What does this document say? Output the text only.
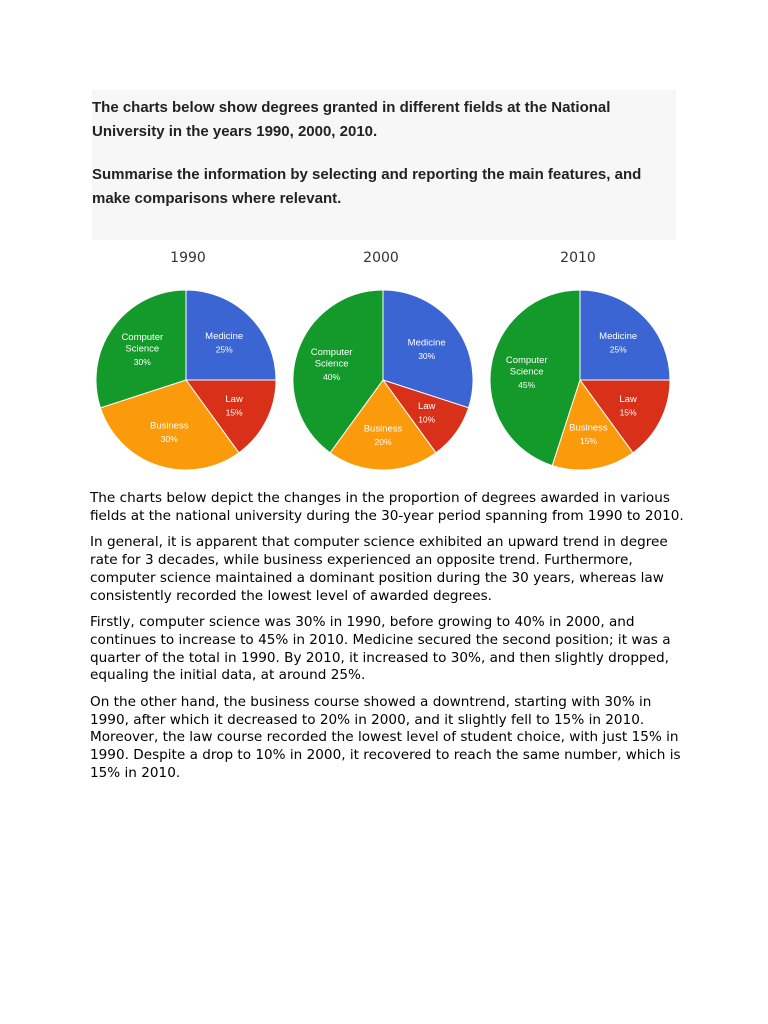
The charts below show degrees granted in different fields at the National University in the years 1990, 2000, 2010.
Summarise the information by selecting and reporting the main features, and make comparisons where relevant.
1990
Medicine
25%
Law
15%
Business
30%
Computer
Science
30%
2000
Medicine
30%
Law
10%
Business
20%
Computer
Science
40%
2010
Medicine
25%
Law
15%
Business
15%
Computer
Science
45%

The charts below depict the changes in the proportion of degrees awarded in various fields at the national university during the 30-year period spanning from 1990 to 2010.

In general, it is apparent that computer science exhibited an upward trend in degree rate for 3 decades, while business experienced an opposite trend. Furthermore, computer science maintained a dominant position during the 30 years, whereas law consistently recorded the lowest level of awarded degrees.

Firstly, computer science was 30% in 1990, before growing to 40% in 2000, and continues to increase to 45% in 2010. Medicine secured the second position; it was a quarter of the total in 1990. By 2010, it increased to 30%, and then slightly dropped, equaling the initial data, at around 25%.

On the other hand, the business course showed a downtrend, starting with 30% in 1990, after which it decreased to 20% in 2000, and it slightly fell to 15% in 2010. Moreover, the law course recorded the lowest level of student choice, with just 15% in 1990. Despite a drop to 10% in 2000, it recovered to reach the same number, which is 15% in 2010.
